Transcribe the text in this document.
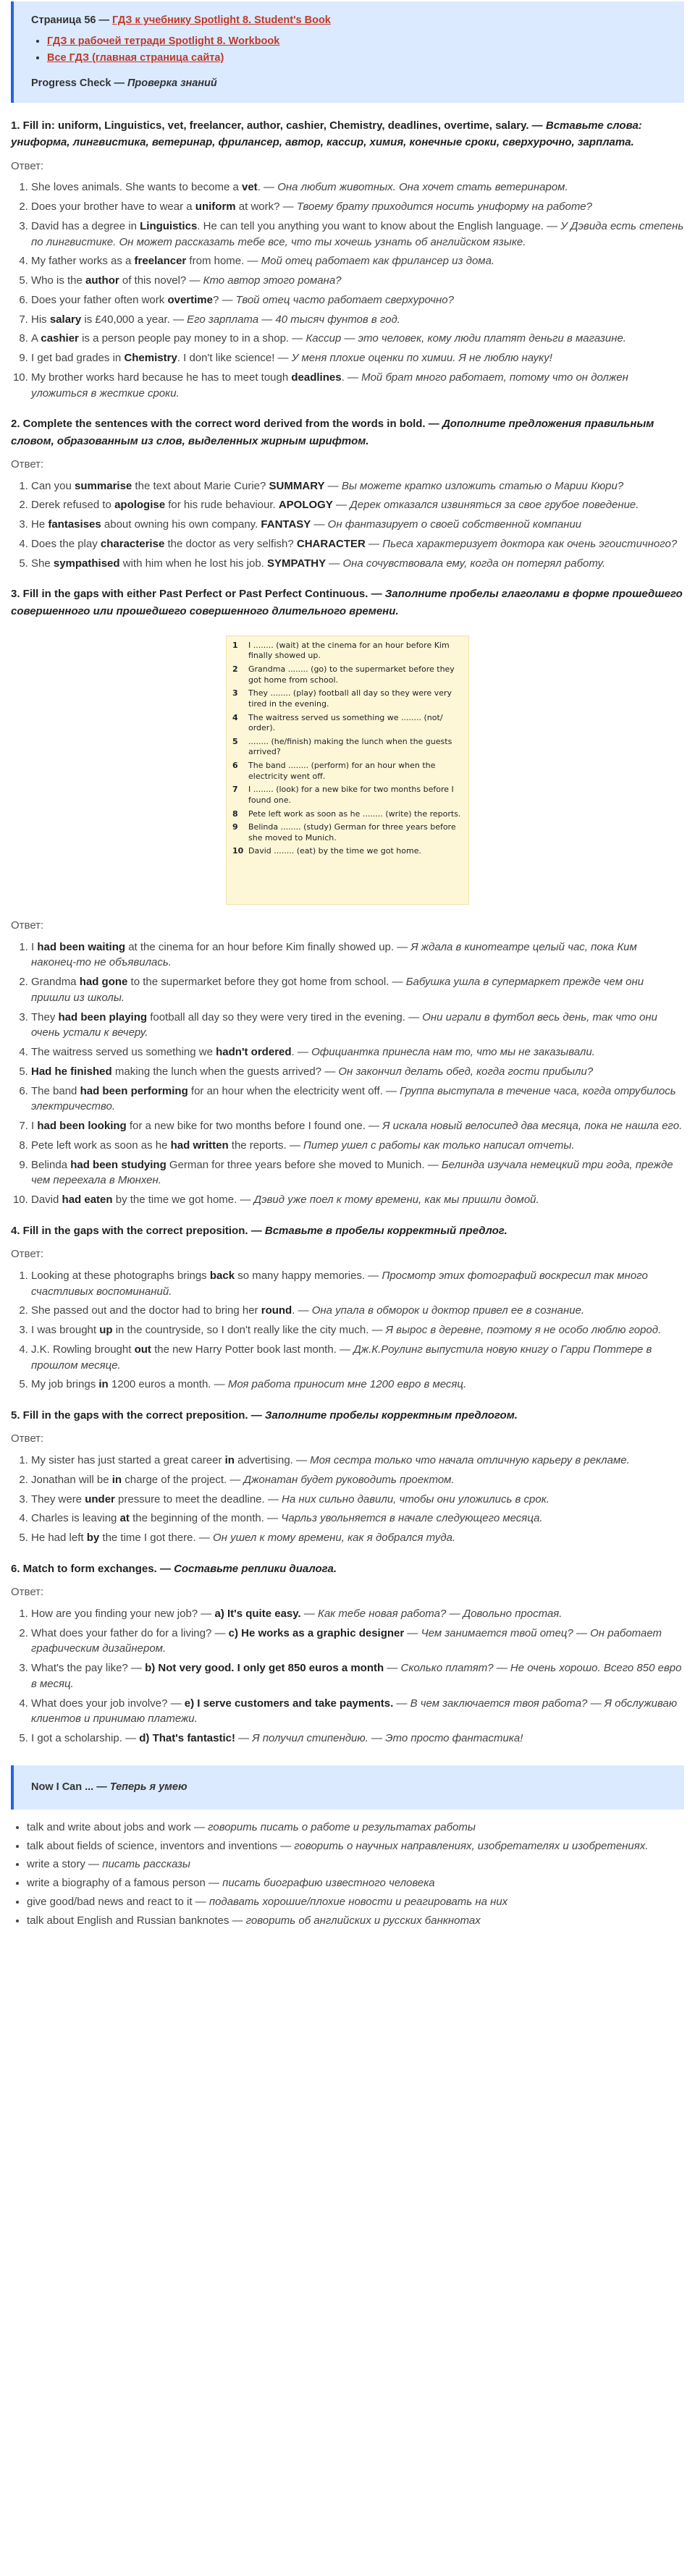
Страница 56 — ГДЗ к учебнику Spotlight 8. Student's Book
• ГДЗ к рабочей тетради Spotlight 8. Workbook
• Все ГДЗ (главная страница сайта)
Progress Check — Проверка знаний
1. Fill in: uniform, Linguistics, vet, freelancer, author, cashier, Chemistry, deadlines, overtime, salary. — Вставьте слова: униформа, лингвистика, ветеринар, фрилансер, автор, кассир, химия, конечные сроки, сверхурочно, зарплата.
Ответ:
1. She loves animals. She wants to become a vet. — Она любит животных. Она хочет стать ветеринаром.
2. Does your brother have to wear a uniform at work? — Твоему брату приходится носить униформу на работе?
3. David has a degree in Linguistics. He can tell you anything you want to know about the English language. — У Дэвида есть степень по лингвистике. Он может рассказать тебе все, что ты хочешь узнать об английском языке.
4. My father works as a freelancer from home. — Мой отец работает как фрилансер из дома.
5. Who is the author of this novel? — Кто автор этого романа?
6. Does your father often work overtime? — Твой отец часто работает сверхурочно?
7. His salary is £40,000 a year. — Его зарплата — 40 тысяч фунтов в год.
8. A cashier is a person people pay money to in a shop. — Кассир — это человек, кому люди платят деньги в магазине.
9. I get bad grades in Chemistry. I don't like science! — У меня плохие оценки по химии. Я не люблю науку!
10. My brother works hard because he has to meet tough deadlines. — Мой брат много работает, потому что он должен уложиться в жесткие сроки.
2. Complete the sentences with the correct word derived from the words in bold. — Дополните предложения правильным словом, образованным из слов, выделенных жирным шрифтом.
Ответ:
1. Can you summarise the text about Marie Curie? SUMMARY — Вы можете кратко изложить статью о Марии Кюри?
2. Derek refused to apologise for his rude behaviour. APOLOGY — Дерек отказался извиняться за свое грубое поведение.
3. He fantasises about owning his own company. FANTASY — Он фантазирует о своей собственной компании
4. Does the play characterise the doctor as very selfish? CHARACTER — Пьеса характеризует доктора как очень эгоистичного?
5. She sympathised with him when he lost his job. SYMPATHY — Она сочувствовала ему, когда он потерял работу.
3. Fill in the gaps with either Past Perfect or Past Perfect Continuous. — Заполните пробелы глаголами в форме прошедшего совершенного или прошедшего совершенного длительного времени.
1	I ........ (wait) at the cinema for an hour before Kim finally showed up.
2	Grandma ........ (go) to the supermarket before they got home from school.
3	They ........ (play) football all day so they were very tired in the evening.
4	The waitress served us something we ........ (not/ order).
5	........ (he/finish) making the lunch when the guests arrived?
6	The band ........ (perform) for an hour when the electricity went off.
7	I ........ (look) for a new bike for two months before I found one.
8	Pete left work as soon as he ........ (write) the reports.
9	Belinda ........ (study) German for three years before she moved to Munich.
10 David ........ (eat) by the time we got home.
Ответ:
1. I had been waiting at the cinema for an hour before Kim finally showed up. — Я ждала в кинотеатре целый час, пока Ким наконец-то не объявилась.
2. Grandma had gone to the supermarket before they got home from school. — Бабушка ушла в супермаркет прежде чем они пришли из школы.
3. They had been playing football all day so they were very tired in the evening. — Они играли в футбол весь день, так что они очень устали к вечеру.
4. The waitress served us something we hadn't ordered. — Официантка принесла нам то, что мы не заказывали.
5. Had he finished making the lunch when the guests arrived? — Он закончил делать обед, когда гости прибыли?
6. The band had been performing for an hour when the electricity went off. — Группа выступала в течение часа, когда отрубилось электричество.
7. I had been looking for a new bike for two months before I found one. — Я искала новый велосипед два месяца, пока не нашла его.
8. Pete left work as soon as he had written the reports. — Питер ушел с работы как только написал отчеты.
9. Belinda had been studying German for three years before she moved to Munich. — Белинда изучала немецкий три года, прежде чем переехала в Мюнхен.
10. David had eaten by the time we got home. — Дэвид уже поел к тому времени, как мы пришли домой.
4. Fill in the gaps with the correct preposition. — Вставьте в пробелы корректный предлог.
Ответ:
1. Looking at these photographs brings back so many happy memories. — Просмотр этих фотографий воскресил так много счастливых воспоминаний.
2. She passed out and the doctor had to bring her round. — Она упала в обморок и доктор привел ее в сознание.
3. I was brought up in the countryside, so I don't really like the city much. — Я вырос в деревне, поэтому я не особо люблю город.
4. J.K. Rowling brought out the new Harry Potter book last month. — Дж.К.Роулинг выпустила новую книгу о Гарри Поттере в прошлом месяце.
5. My job brings in 1200 euros a month. — Моя работа приносит мне 1200 евро в месяц.
5. Fill in the gaps with the correct preposition. — Заполните пробелы корректным предлогом.
Ответ:
1. My sister has just started a great career in advertising. — Моя сестра только что начала отличную карьеру в рекламе.
2. Jonathan will be in charge of the project. — Джонатан будет руководить проектом.
3. They were under pressure to meet the deadline. — На них сильно давили, чтобы они уложились в срок.
4. Charles is leaving at the beginning of the month. — Чарльз увольняется в начале следующего месяца.
5. He had left by the time I got there. — Он ушел к тому времени, как я добрался туда.
6. Match to form exchanges. — Составьте реплики диалога.
Ответ:
1. How are you finding your new job? — a) It's quite easy. — Как тебе новая работа? — Довольно простая.
2. What does your father do for a living? — c) He works as a graphic designer — Чем занимается твой отец? — Он работает графическим дизайнером.
3. What's the pay like? — b) Not very good. I only get 850 euros a month — Сколько платят? — Не очень хорошо. Всего 850 евро в месяц.
4. What does your job involve? — e) I serve customers and take payments. — В чем заключается твоя работа? — Я обслуживаю клиентов и принимаю платежи.
5. I got a scholarship. — d) That's fantastic! — Я получил стипендию. — Это просто фантастика!
Now I Can ... — Теперь я умею
• talk and write about jobs and work — говорить писать о работе и результатах работы
• talk about fields of science, inventors and inventions — говорить о научных направлениях, изобретателях и изобретениях.
• write a story — писать рассказы
• write a biography of a famous person — писать биографию известного человека
• give good/bad news and react to it — подавать хорошие/плохие новости и реагировать на них
• talk about English and Russian banknotes — говорить об английских и русских банкнотах
